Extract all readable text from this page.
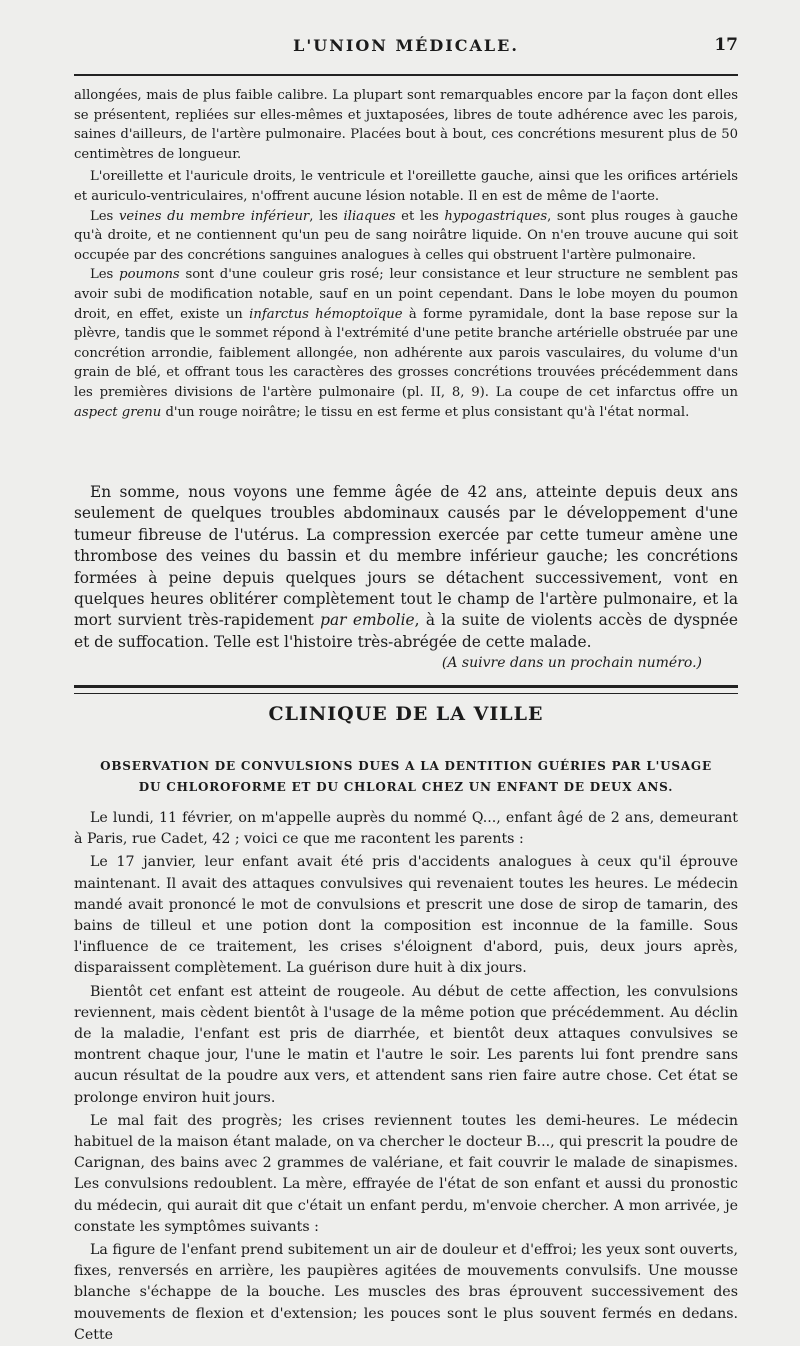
L'UNION MÉDICALE.	17

allongées, mais de plus faible calibre. La plupart sont remarquables encore par la façon dont elles se présentent, repliées sur elles-mêmes et juxtaposées, libres de toute adhérence avec les parois, saines d'ailleurs, de l'artère pulmonaire. Placées bout à bout, ces concrétions mesurent plus de 50 centimètres de longueur.

L'oreillette et l'auricule droits, le ventricule et l'oreillette gauche, ainsi que les orifices artériels et auriculo-ventriculaires, n'offrent aucune lésion notable. Il en est de même de l'aorte.

Les veines du membre inférieur, les iliaques et les hypogastriques, sont plus rouges à gauche qu'à droite, et ne contiennent qu'un peu de sang noirâtre liquide. On n'en trouve aucune qui soit occupée par des concrétions sanguines analogues à celles qui obstruent l'artère pulmonaire.

Les poumons sont d'une couleur gris rosé; leur consistance et leur structure ne semblent pas avoir subi de modification notable, sauf en un point cependant. Dans le lobe moyen du poumon droit, en effet, existe un infarctus hémoptoïque à forme pyramidale, dont la base repose sur la plèvre, tandis que le sommet répond à l'extrémité d'une petite branche artérielle obstruée par une concrétion arrondie, faiblement allongée, non adhérente aux parois vasculaires, du volume d'un grain de blé, et offrant tous les caractères des grosses concrétions trouvées précédemment dans les premières divisions de l'artère pulmonaire (pl. II, 8, 9). La coupe de cet infarctus offre un aspect grenu d'un rouge noirâtre; le tissu en est ferme et plus consistant qu'à l'état normal.

En somme, nous voyons une femme âgée de 42 ans, atteinte depuis deux ans seulement de quelques troubles abdominaux causés par le développement d'une tumeur fibreuse de l'utérus. La compression exercée par cette tumeur amène une thrombose des veines du bassin et du membre inférieur gauche; les concrétions formées à peine depuis quelques jours se détachent successivement, vont en quelques heures oblitérer complètement tout le champ de l'artère pulmonaire, et la mort survient très-rapidement par embolie, à la suite de violents accès de dyspnée et de suffocation. Telle est l'histoire très-abrégée de cette malade.

(A suivre dans un prochain numéro.)

CLINIQUE DE LA VILLE
OBSERVATION DE CONVULSIONS DUES A LA DENTITION GUÉRIES PAR L'USAGE
DU CHLOROFORME ET DU CHLORAL CHEZ UN ENFANT DE DEUX ANS.

Le lundi, 11 février, on m'appelle auprès du nommé Q..., enfant âgé de 2 ans, demeurant à Paris, rue Cadet, 42 ; voici ce que me racontent les parents :

Le 17 janvier, leur enfant avait été pris d'accidents analogues à ceux qu'il éprouve maintenant. Il avait des attaques convulsives qui revenaient toutes les heures. Le médecin mandé avait prononcé le mot de convulsions et prescrit une dose de sirop de tamarin, des bains de tilleul et une potion dont la composition est inconnue de la famille. Sous l'influence de ce traitement, les crises s'éloignent d'abord, puis, deux jours après, disparaissent complètement. La guérison dure huit à dix jours.

Bientôt cet enfant est atteint de rougeole. Au début de cette affection, les convulsions reviennent, mais cèdent bientôt à l'usage de la même potion que précédemment. Au déclin de la maladie, l'enfant est pris de diarrhée, et bientôt deux attaques convulsives se montrent chaque jour, l'une le matin et l'autre le soir. Les parents lui font prendre sans aucun résultat de la poudre aux vers, et attendent sans rien faire autre chose. Cet état se prolonge environ huit jours.

Le mal fait des progrès; les crises reviennent toutes les demi-heures. Le médecin habituel de la maison étant malade, on va chercher le docteur B..., qui prescrit la poudre de Carignan, des bains avec 2 grammes de valériane, et fait couvrir le malade de sinapismes. Les convulsions redoublent. La mère, effrayée de l'état de son enfant et aussi du pronostic du médecin, qui aurait dit que c'était un enfant perdu, m'envoie chercher. A mon arrivée, je constate les symptômes suivants :

La figure de l'enfant prend subitement un air de douleur et d'effroi; les yeux sont ouverts, fixes, renversés en arrière, les paupières agitées de mouvements convulsifs. Une mousse blanche s'échappe de la bouche. Les muscles des bras éprouvent successivement des mouvements de flexion et d'extension; les pouces sont le plus souvent fermés en dedans. Cette
